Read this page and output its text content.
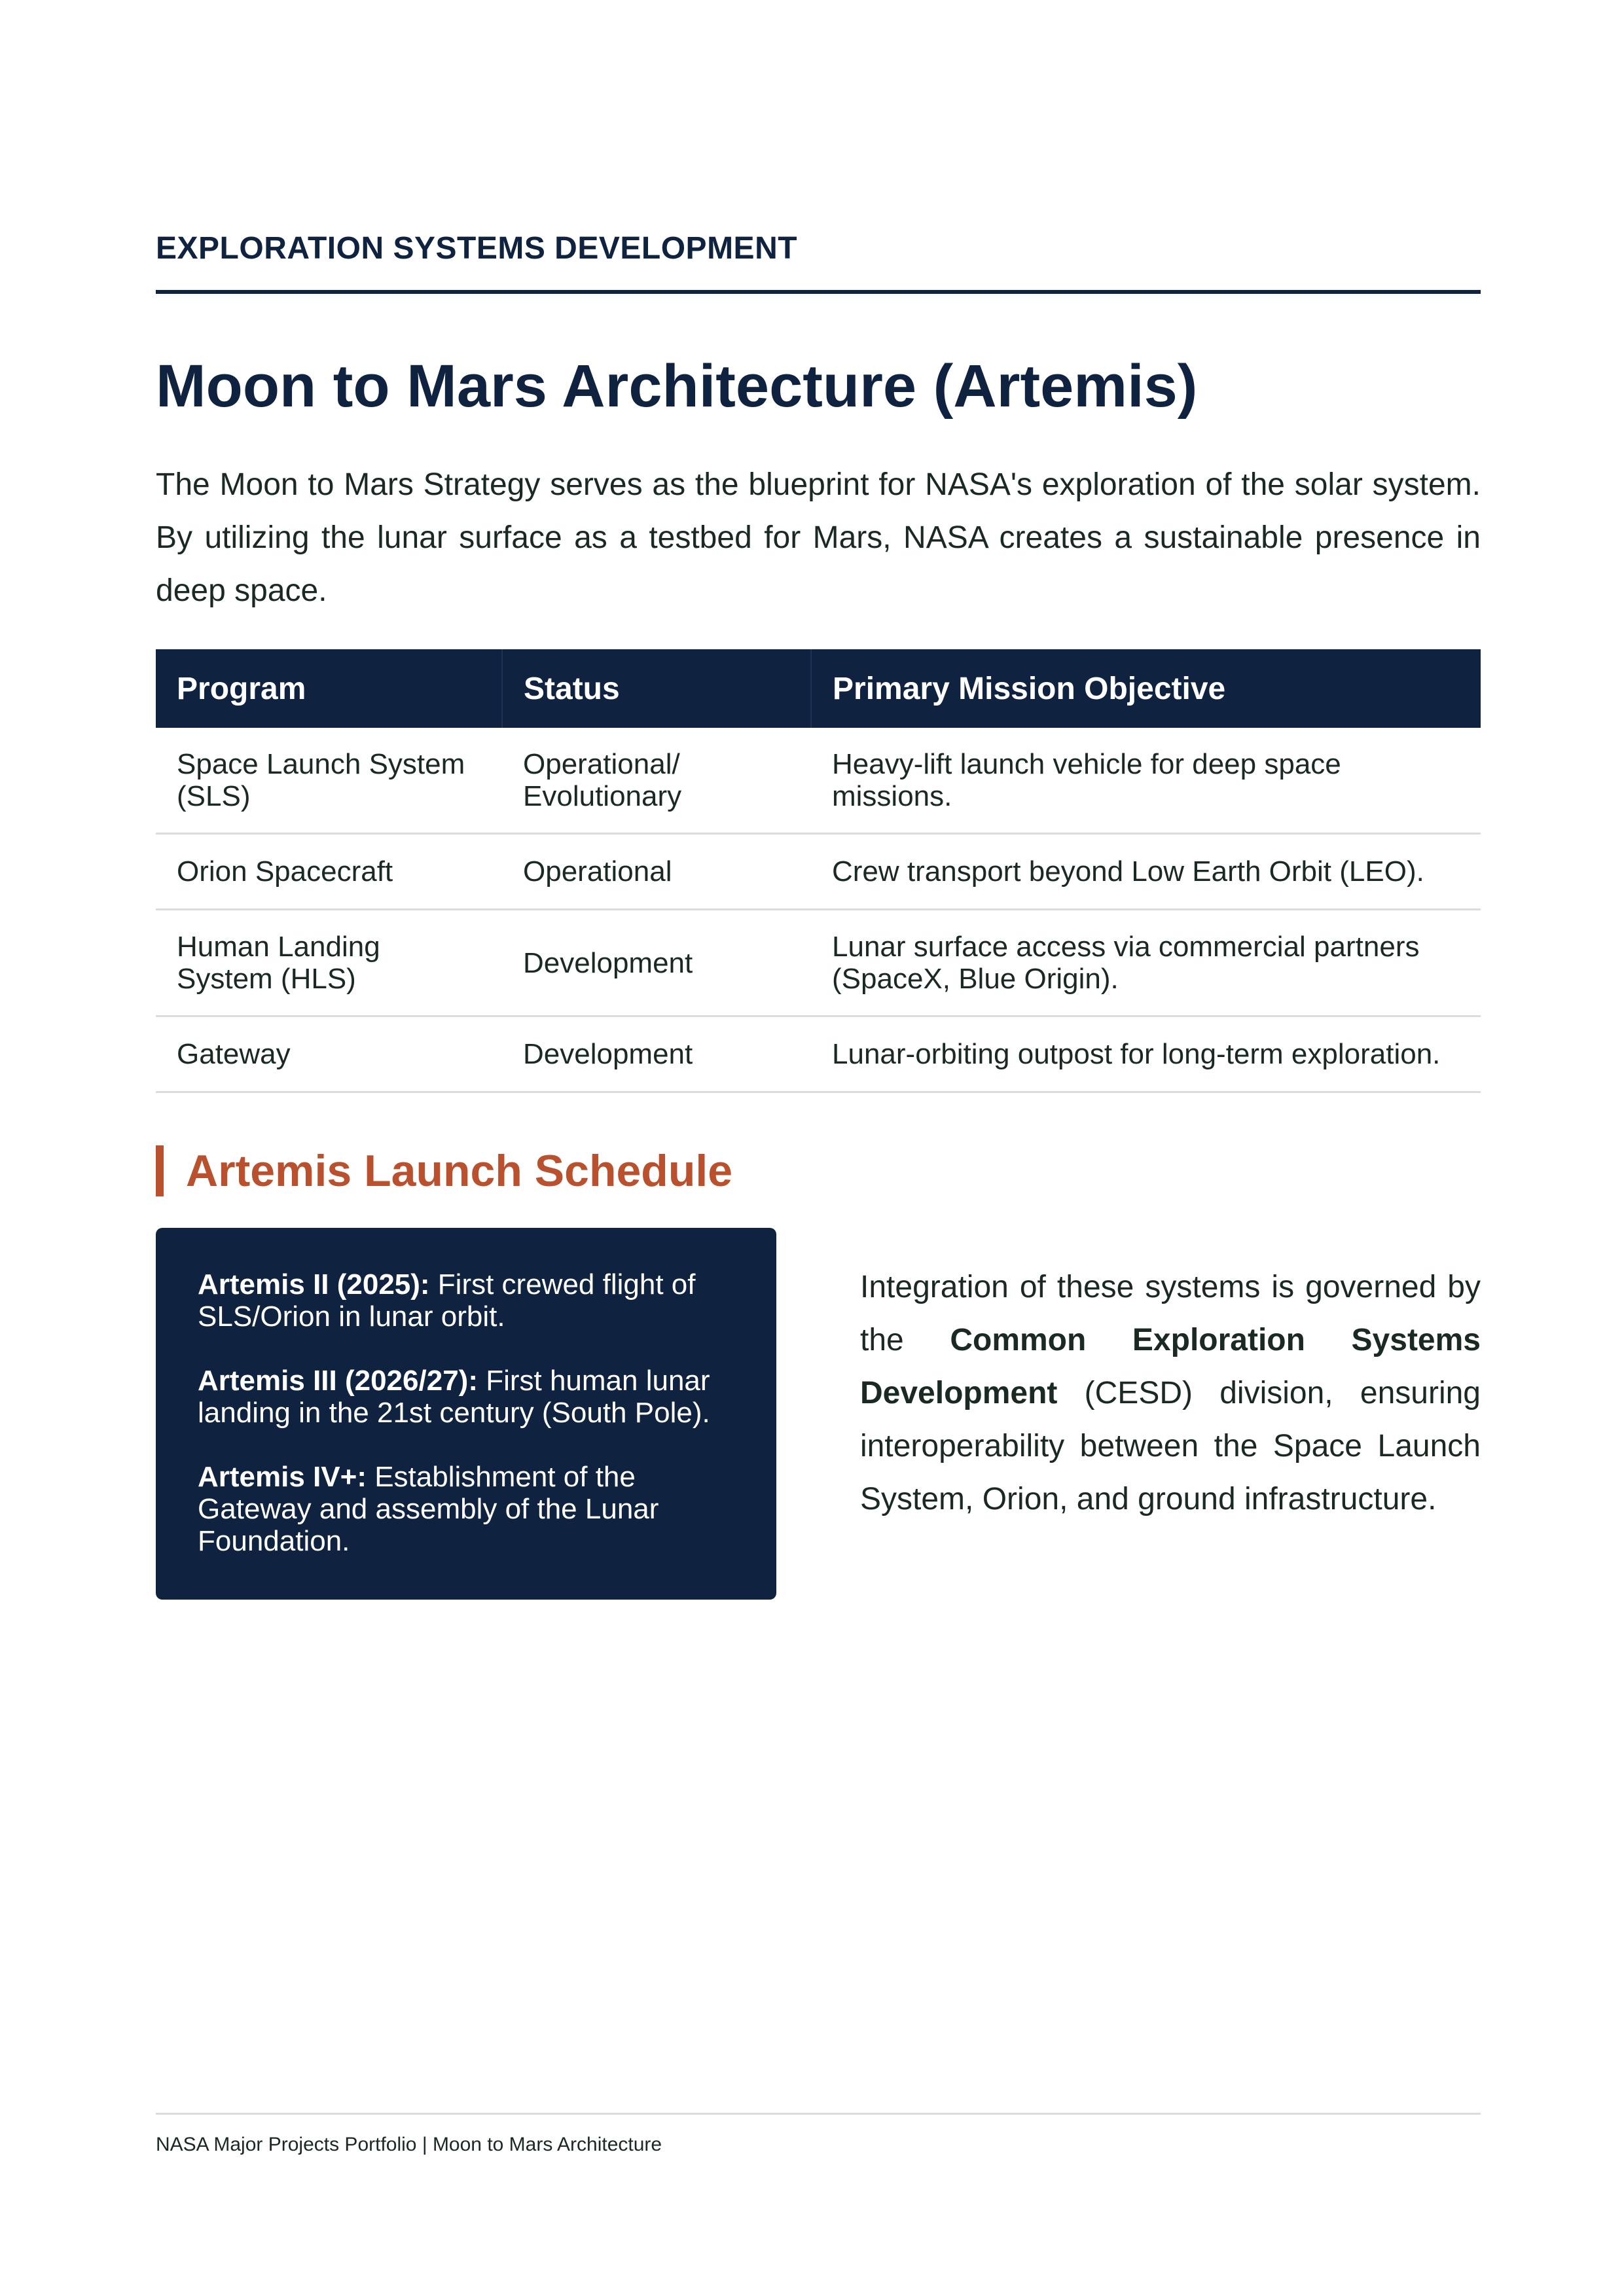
EXPLORATION SYSTEMS DEVELOPMENT
Moon to Mars Architecture (Artemis)

The Moon to Mars Strategy serves as the blueprint for NASA's exploration of the solar system. By utilizing the lunar surface as a testbed for Mars, NASA creates a sustainable presence in deep space.

Program	Status	Primary Mission Objective
Space Launch System (SLS)	Operational/ Evolutionary	Heavy-lift launch vehicle for deep space missions.
Orion Spacecraft	Operational	Crew transport beyond Low Earth Orbit (LEO).
Human Landing System (HLS)	Development	Lunar surface access via commercial partners (SpaceX, Blue Origin).
Gateway	Development	Lunar-orbiting outpost for long-term exploration.
Artemis Launch Schedule
Artemis II (2025): First crewed flight of SLS/Orion in lunar orbit.
Artemis III (2026/27): First human lunar landing in the 21st century (South Pole).
Artemis IV+: Establishment of the Gateway and assembly of the Lunar Foundation.

Integration of these systems is governed by the Common Exploration Systems Development (CESD) division, ensuring interoperability between the Space Launch System, Orion, and ground infrastructure.

NASA Major Projects Portfolio | Moon to Mars Architecture
